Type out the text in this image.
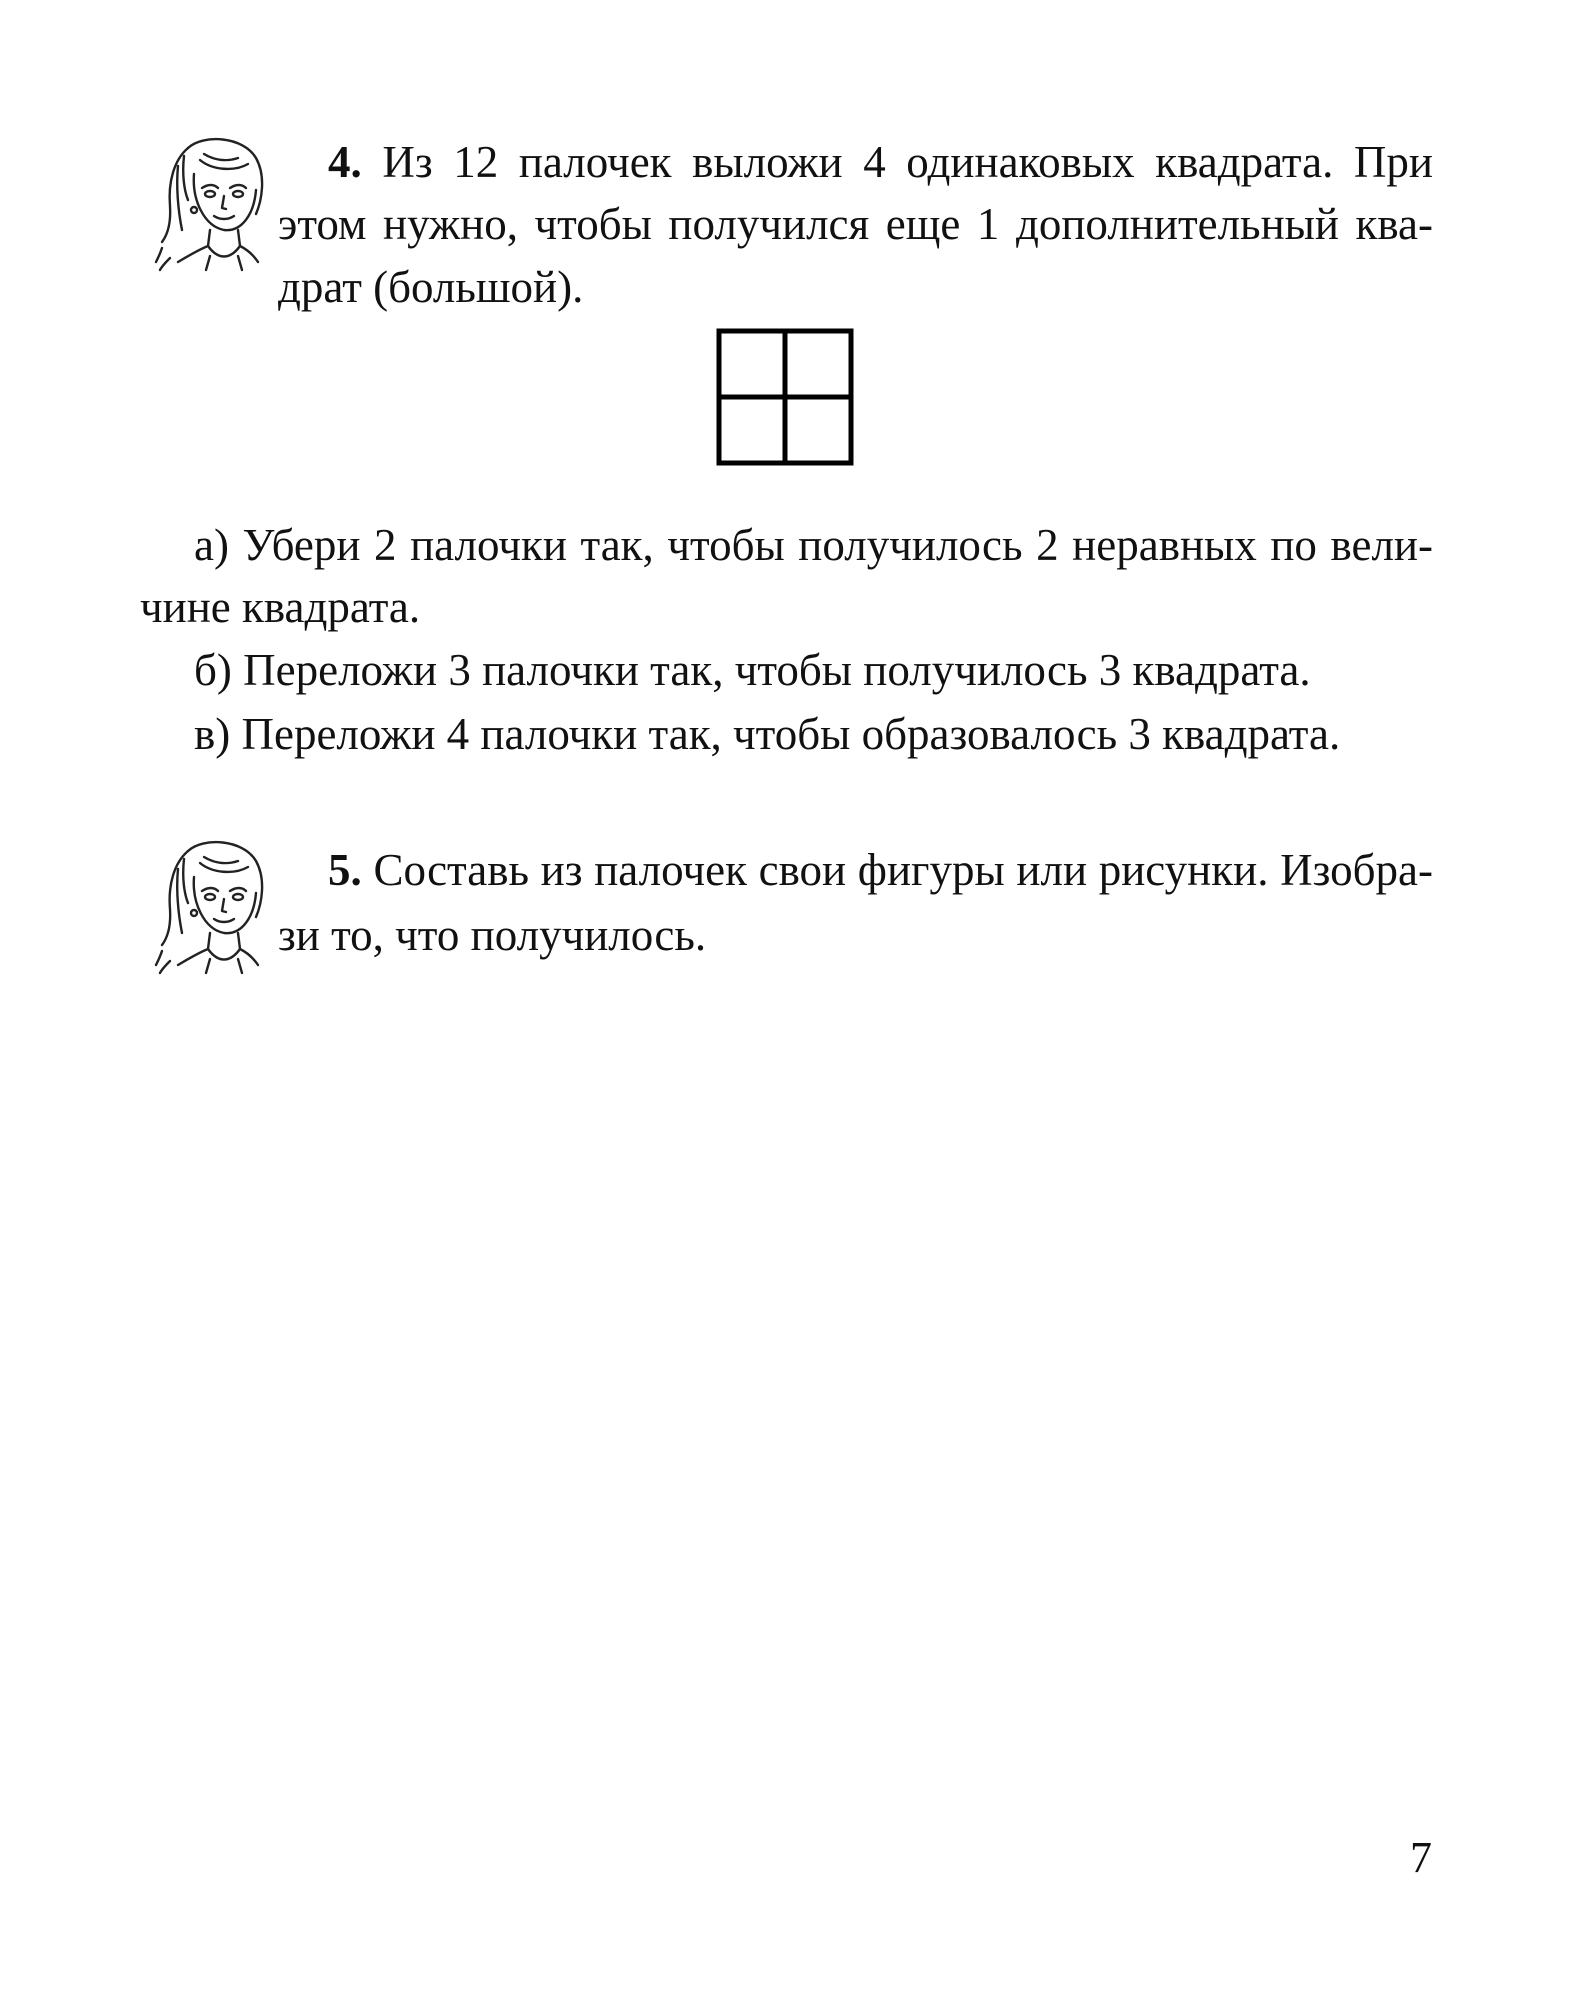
4. Из 12 палочек выложи 4 одинаковых квадрата. При
этом нужно, чтобы получился еще 1 дополнительный ква-
драт (большой).
а) Убери 2 палочки так, чтобы получилось 2 неравных по вели-
чине квадрата.
б) Переложи 3 палочки так, чтобы получилось 3 квадрата.
в) Переложи 4 палочки так, чтобы образовалось 3 квадрата.
5. Составь из палочек свои фигуры или рисунки. Изобра-
зи то, что получилось.
7
